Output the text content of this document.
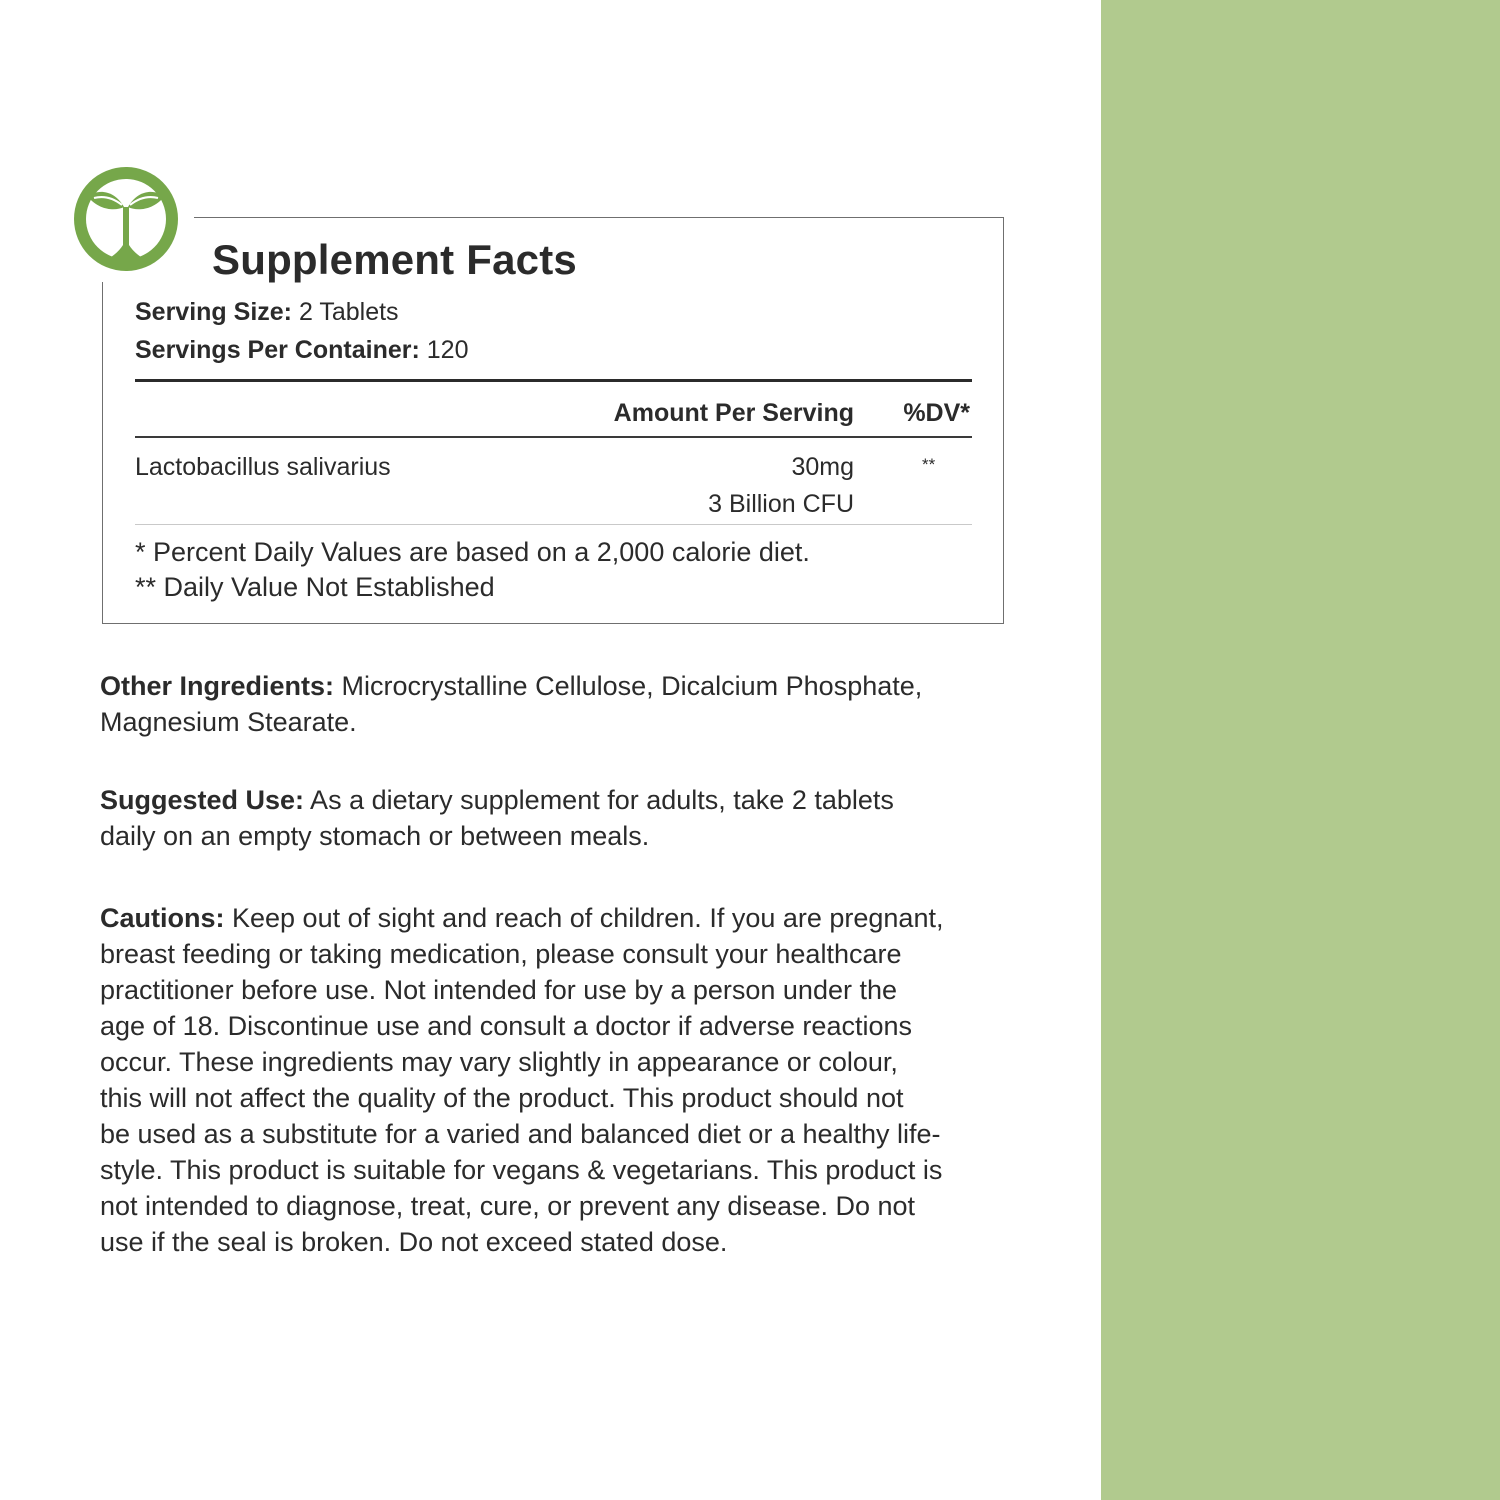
Supplement Facts
Serving Size: 2 Tablets
Servings Per Container: 120
Amount Per Serving %DV*
Lactobacillus salivarius	30mg
3 Billion CFU
**
* Percent Daily Values are based on a 2,000 calorie diet.
** Daily Value Not Established
Other Ingredients: Microcrystalline Cellulose, Dicalcium Phosphate,
Magnesium Stearate.
Suggested Use: As a dietary supplement for adults, take 2 tablets
daily on an empty stomach or between meals.
Cautions: Keep out of sight and reach of children. If you are pregnant,
breast feeding or taking medication, please consult your healthcare
practitioner before use. Not intended for use by a person under the
age of 18. Discontinue use and consult a doctor if adverse reactions
occur. These ingredients may vary slightly in appearance or colour,
this will not affect the quality of the product. This product should not
be used as a substitute for a varied and balanced diet or a healthy life-
style. This product is suitable for vegans & vegetarians. This product is
not intended to diagnose, treat, cure, or prevent any disease. Do not
use if the seal is broken. Do not exceed stated dose.
